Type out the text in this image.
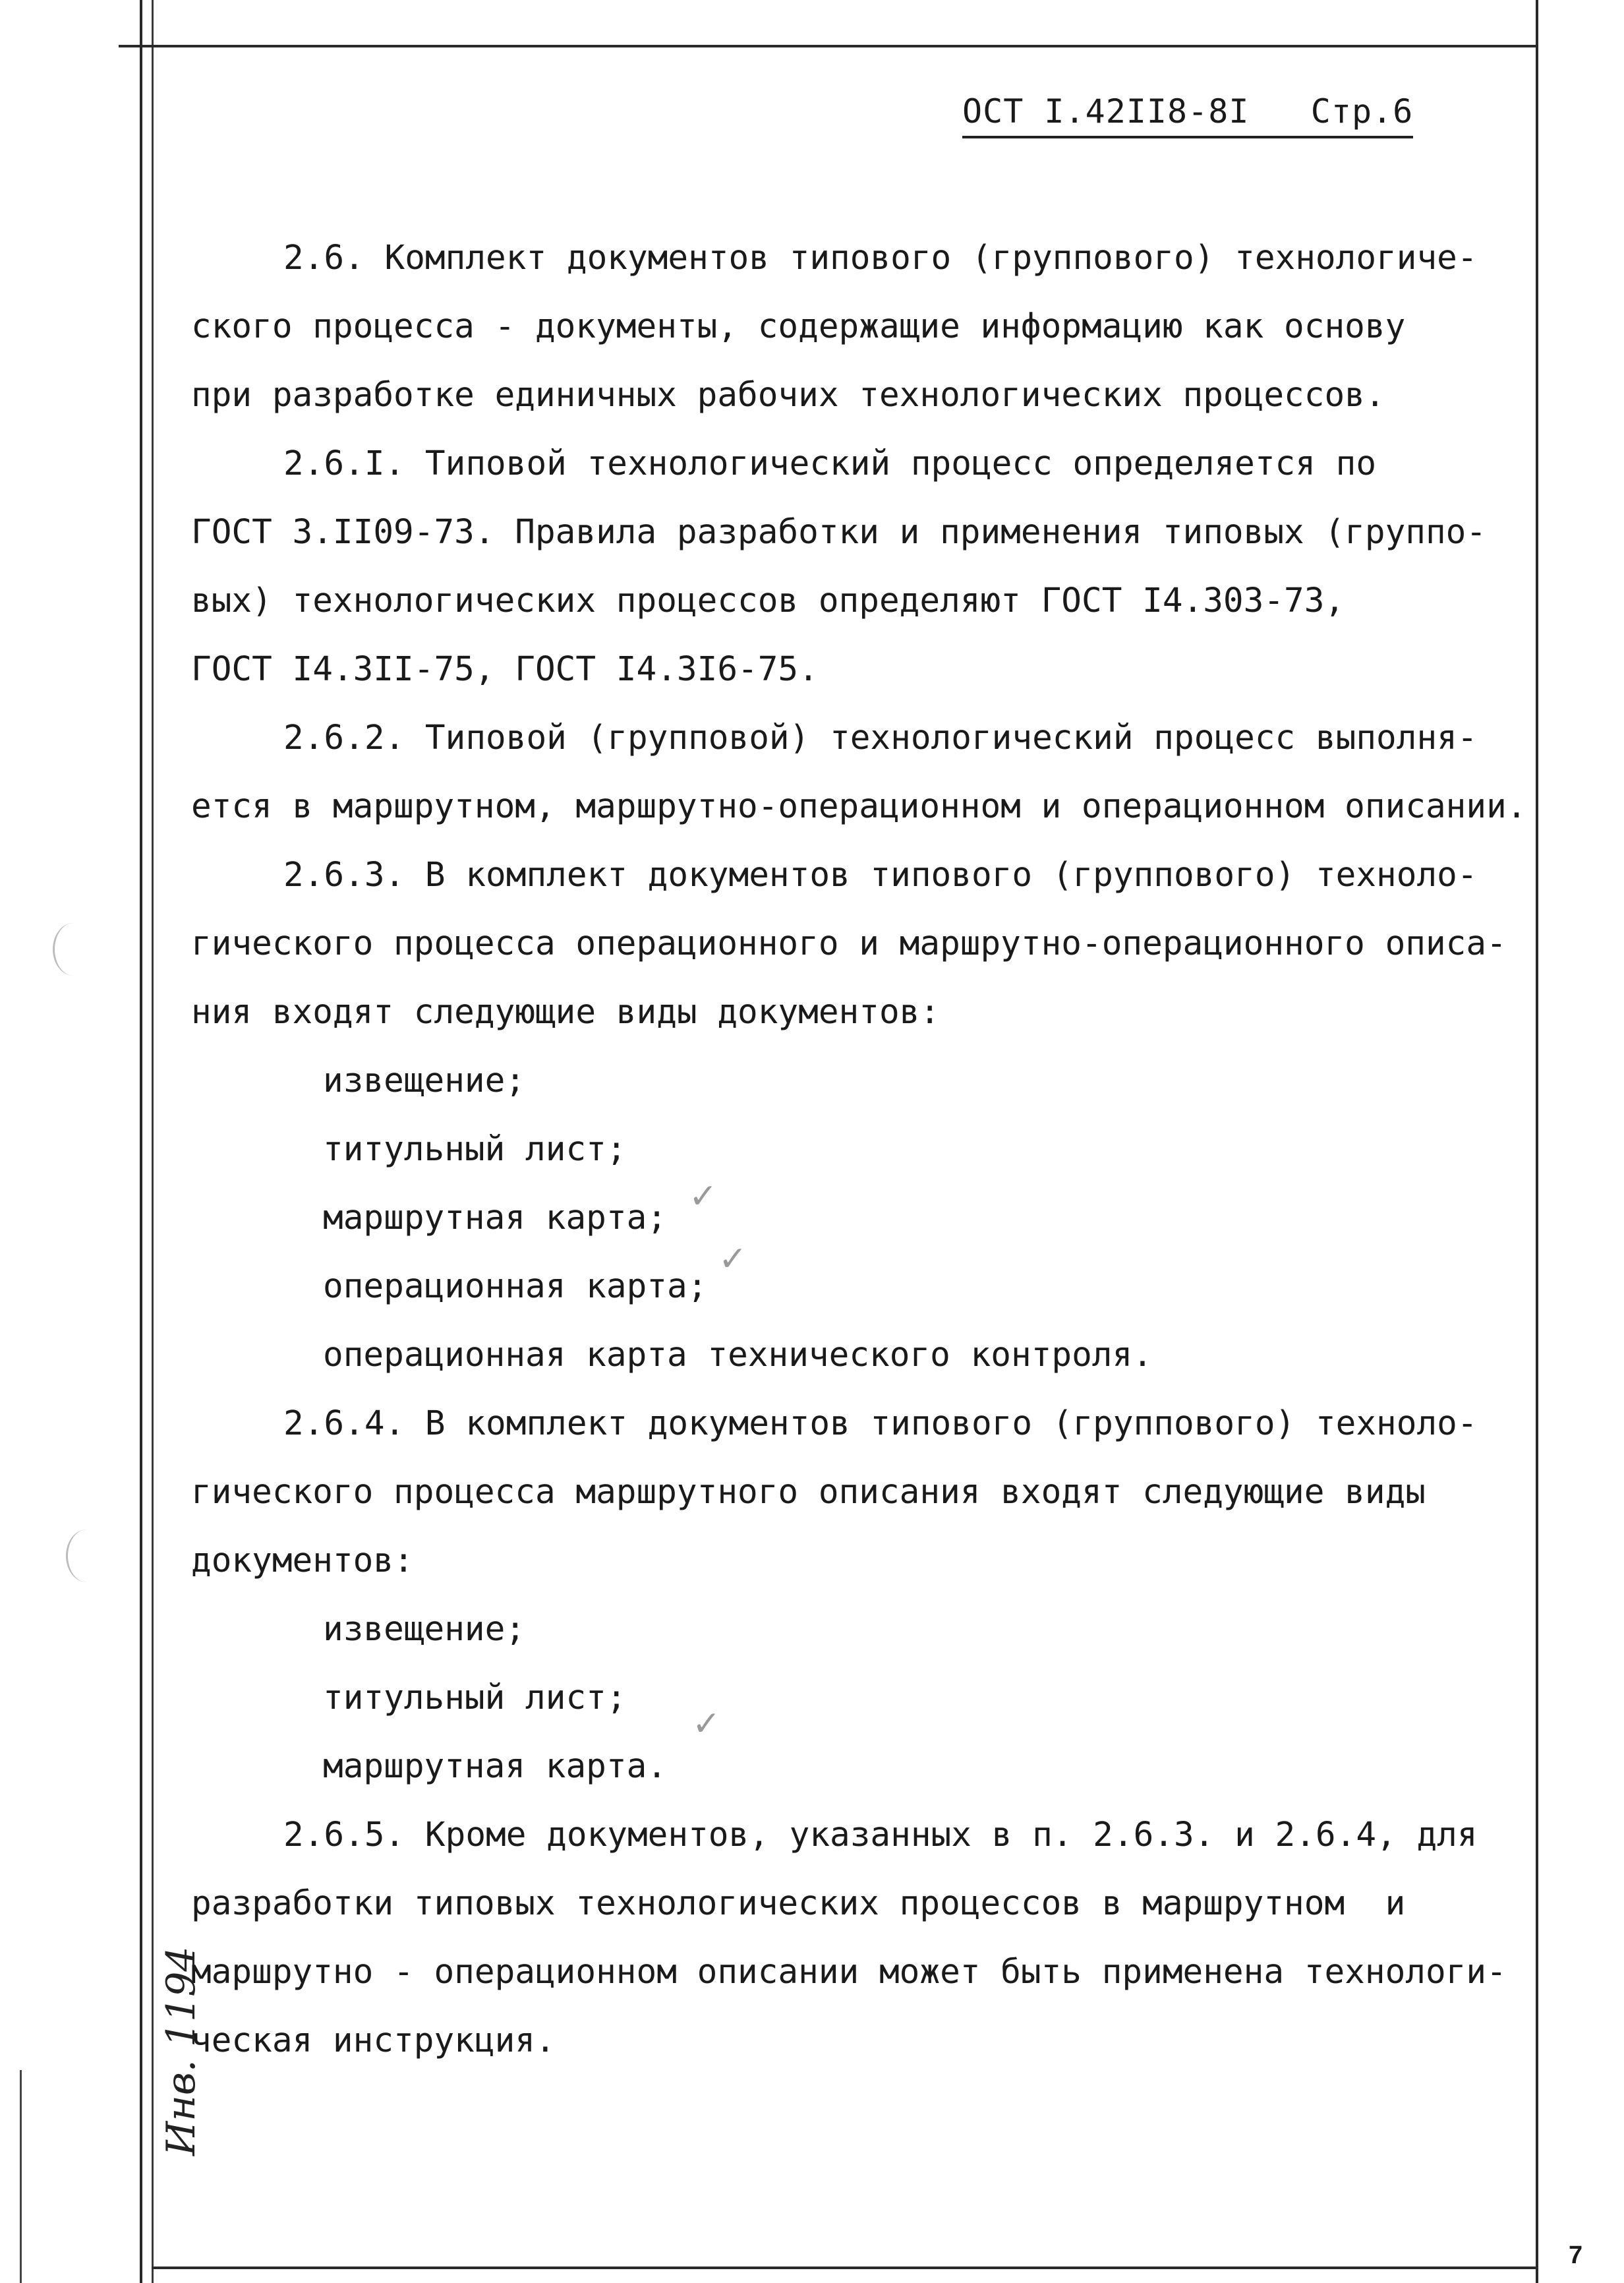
ОСТ I.42II8-8I   Стр.6
2.6. Комплект документов типового (группового) технологиче-
ского процесса - документы, содержащие информацию как основу
при разработке единичных рабочих технологических процессов.
2.6.I. Типовой технологический процесс определяется по
ГОСТ 3.II09-73. Правила разработки и применения типовых (группо-
вых) технологических процессов определяют ГОСТ I4.303-73,
ГОСТ I4.3II-75, ГОСТ I4.3I6-75.
2.6.2. Типовой (групповой) технологический процесс выполня-
ется в маршрутном, маршрутно-операционном и операционном описании.
2.6.3. В комплект документов типового (группового) техноло-
гического процесса операционного и маршрутно-операционного описа-
ния входят следующие виды документов:
извещение;
титульный лист;
маршрутная карта;
операционная карта;
операционная карта технического контроля.
2.6.4. В комплект документов типового (группового) техноло-
гического процесса маршрутного описания входят следующие виды
документов:
извещение;
титульный лист;
маршрутная карта.
2.6.5. Кроме документов, указанных в п. 2.6.3. и 2.6.4, для
разработки типовых технологических процессов в маршрутном  и
маршрутно - операционном описании может быть применена технологи-
ческая инструкция.
✓
✓
✓
Инв. 1194
7
